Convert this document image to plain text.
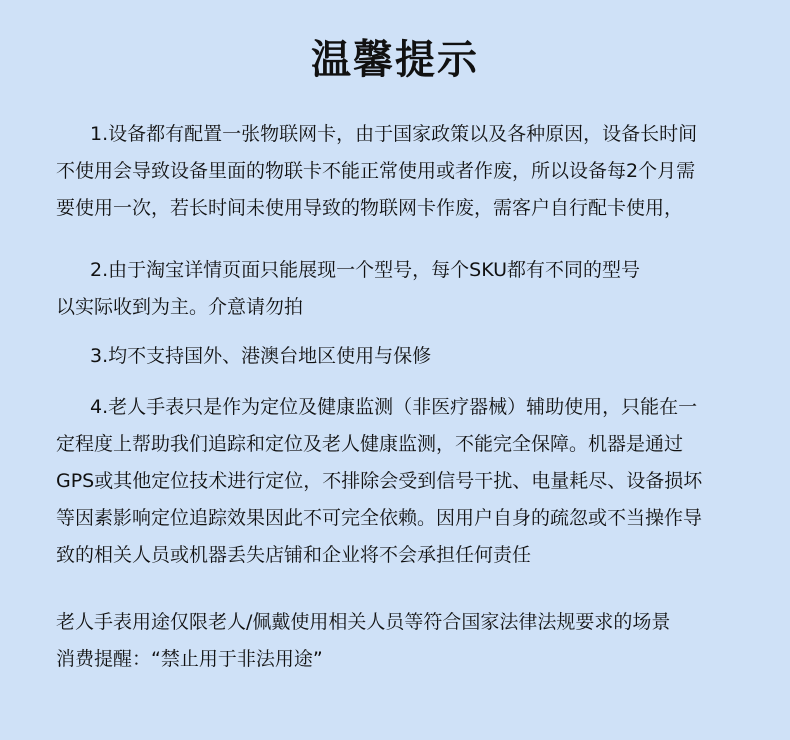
温馨提示
1.设备都有配置一张物联网卡，由于国家政策以及各种原因，设备长时间
不使用会导致设备里面的物联卡不能正常使用或者作废，所以设备每2个月需
要使用一次，若长时间未使用导致的物联网卡作废，需客户自行配卡使用，
2.由于淘宝详情页面只能展现一个型号，每个SKU都有不同的型号
以实际收到为主。介意请勿拍
3.均不支持国外、港澳台地区使用与保修
4.老人手表只是作为定位及健康监测（非医疗器械）辅助使用，只能在一
定程度上帮助我们追踪和定位及老人健康监测，不能完全保障。机器是通过
GPS或其他定位技术进行定位，不排除会受到信号干扰、电量耗尽、设备损坏
等因素影响定位追踪效果因此不可完全依赖。因用户自身的疏忽或不当操作导
致的相关人员或机器丢失店铺和企业将不会承担任何责任
老人手表用途仅限老人/佩戴使用相关人员等符合国家法律法规要求的场景
消费提醒：“禁止用于非法用途”
